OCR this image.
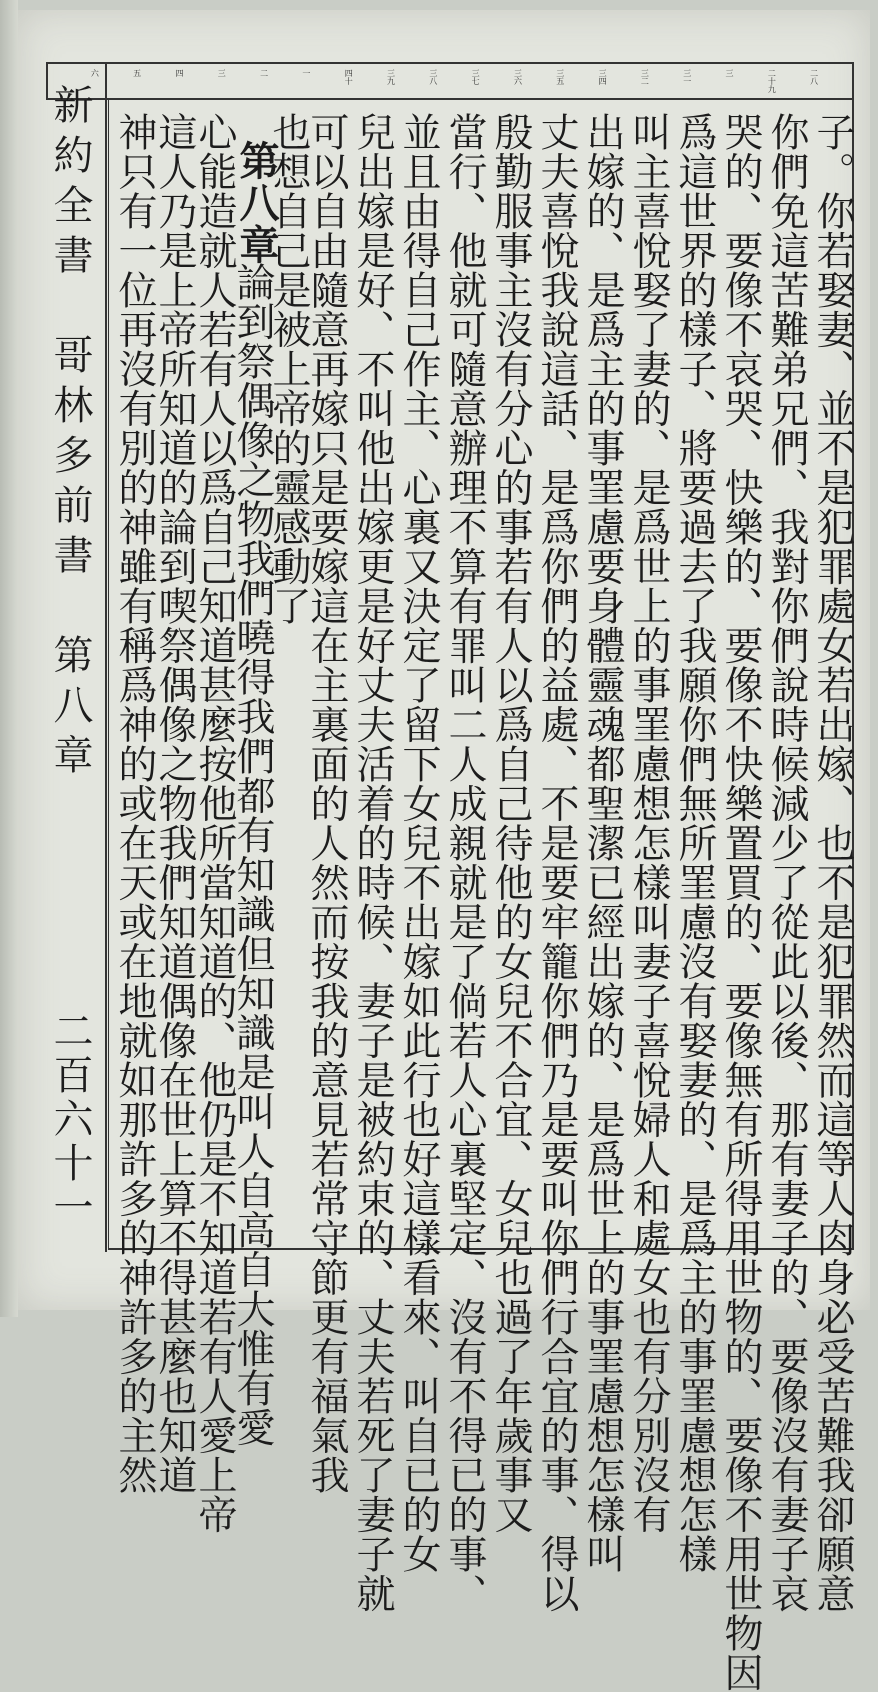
二八
二十九
三
三一
三二
三四
三五
三六
三七
三八
三九
四十
一
二
三
四
五
六
新約全書　哥林多前書　第八章
二百六十一	子。你若娶妻、並不是犯罪處女若出嫁、也不是犯罪然而這等人肉身必受苦難我卻願意
你們免這苦難弟兄們、我對你們說時候減少了從此以後、那有妻子的、要像沒有妻子哀
哭的、要像不哀哭、快樂的、要像不快樂置買的、要像無有所得用世物的、要像不用世物因
爲這世界的樣子、將要過去了我願你們無所罣慮沒有娶妻的、是爲主的事罣慮想怎樣
叫主喜悅娶了妻的、是爲世上的事罣慮想怎樣叫妻子喜悅婦人和處女也有分別沒有
出嫁的、是爲主的事罣慮要身體靈魂都聖潔已經出嫁的、是爲世上的事罣慮想怎樣叫
丈夫喜悅我說這話、是爲你們的益處、不是要牢籠你們乃是要叫你們行合宜的事、得以
殷勤服事主沒有分心的事若有人以爲自己待他的女兒不合宜、女兒也過了年歲事又
當行、他就可隨意辦理不算有罪叫二人成親就是了倘若人心裏堅定、沒有不得已的事、
並且由得自己作主、心裏又決定了留下女兒不出嫁如此行也好這樣看來、叫自已的女
兒出嫁是好、不叫他出嫁更是好丈夫活着的時候、妻子是被約束的、丈夫若死了妻子就
可以自由隨意再嫁只是要嫁這在主裏面的人然而按我的意見若常守節更有福氣我
也想自己是被上帝的靈感動了
第八章
論到祭偶像之物我們曉得我們都有知識但知識是叫人自高自大惟有愛
心能造就人若有人以爲自己知道甚麼按他所當知道的、他仍是不知道若有人愛上帝
這人乃是上帝所知道的論到喫祭偶像之物我們知道偶像在世上算不得甚麼也知道
神只有一位再沒有別的神雖有稱爲神的或在天或在地就如那許多的神許多的主然
